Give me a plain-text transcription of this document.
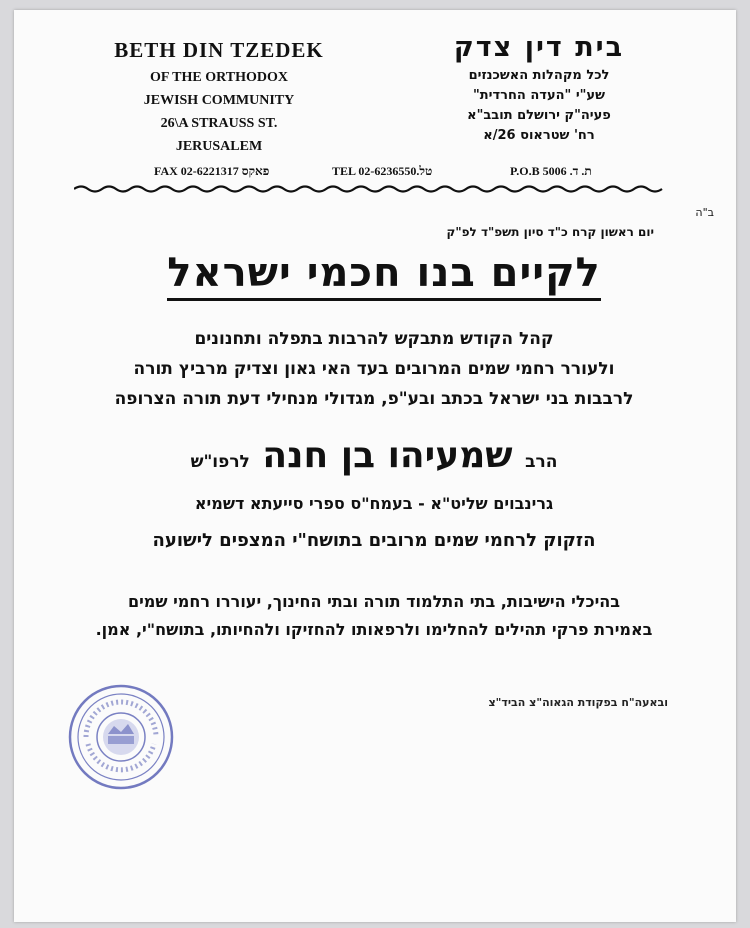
BETH DIN TZEDEK
OF THE ORTHODOX
JEWISH COMMUNITY
26\A STRAUSS ST.
JERUSALEM
בית דין צדק
לכל מקהלות האשכנזים
שע"י "העדה החרדית"
פעיה"ק ירושלם תובב"א
רח' שטראוס 26/א
FAX 02-6221317 פאקס	TEL 02-6236550.טל	P.O.B 5006 .ת. ד
ב"ה
יום ראשון קרח כ"ד סיון תשפ"ד לפ"ק
לקיים בנו חכמי ישראל
קהל הקודש מתבקש להרבות בתפלה ותחנונים
ולעורר רחמי שמים המרובים בעד האי גאון וצדיק מרביץ תורה
לרבבות בני ישראל בכתב ובע"פ, מגדולי מנחילי דעת תורה הצרופה
הרב שמעיהו בן חנה לרפו"ש
גרינבוים שליט"א - בעמח"ס ספרי סייעתא דשמיא
הזקוק לרחמי שמים מרובים בתושח"י המצפים לישועה
בהיכלי הישיבות, בתי התלמוד תורה ובתי החינוך, יעוררו רחמי שמים
באמירת פרקי תהילים להחלימו ולרפאותו להחזיקו ולהחיותו, בתושח"י, אמן.
ובאעה"ח בפקודת הגאוה"צ הביד"צ
